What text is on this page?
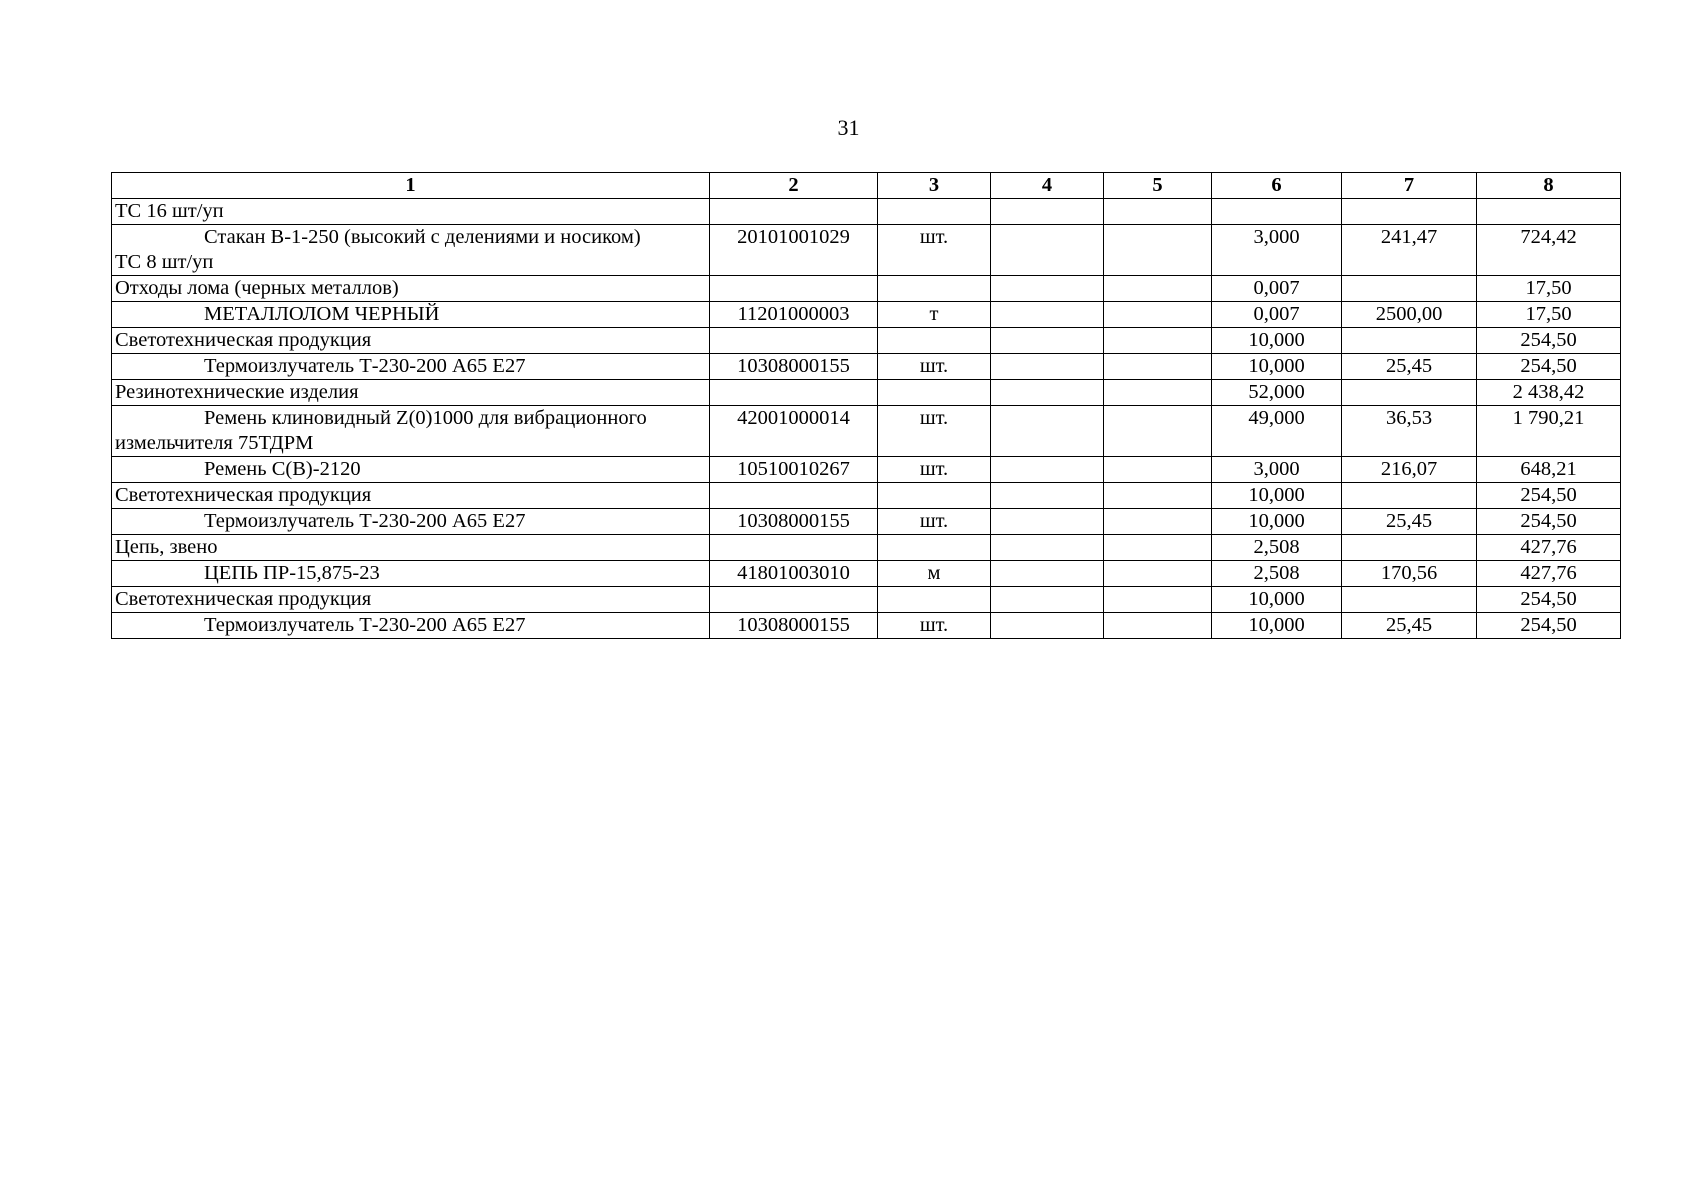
31
1	2	3	4	5	6	7	8

ТС 16 шт/уп							

Стакан В-1-250 (высокий с делениями и носиком)
ТС 8 шт/уп	20101001029	шт.			3,000	241,47	724,42

Отходы лома (черных металлов)					0,007		17,50

МЕТАЛЛОЛОМ ЧЕРНЫЙ	11201000003	т			0,007	2500,00	17,50

Светотехническая продукция					10,000		254,50

Термоизлучатель Т-230-200 А65 Е27	10308000155	шт.			10,000	25,45	254,50

Резинотехнические изделия					52,000		2 438,42

Ремень клиновидный Z(0)1000 для вибрационного
измельчителя 75ТДРМ	42001000014	шт.			49,000	36,53	1 790,21

Ремень С(В)-2120	10510010267	шт.			3,000	216,07	648,21

Светотехническая продукция					10,000		254,50

Термоизлучатель Т-230-200 А65 Е27	10308000155	шт.			10,000	25,45	254,50

Цепь, звено					2,508		427,76

ЦЕПЬ ПР-15,875-23	41801003010	м			2,508	170,56	427,76

Светотехническая продукция					10,000		254,50

Термоизлучатель Т-230-200 А65 Е27	10308000155	шт.			10,000	25,45	254,50
